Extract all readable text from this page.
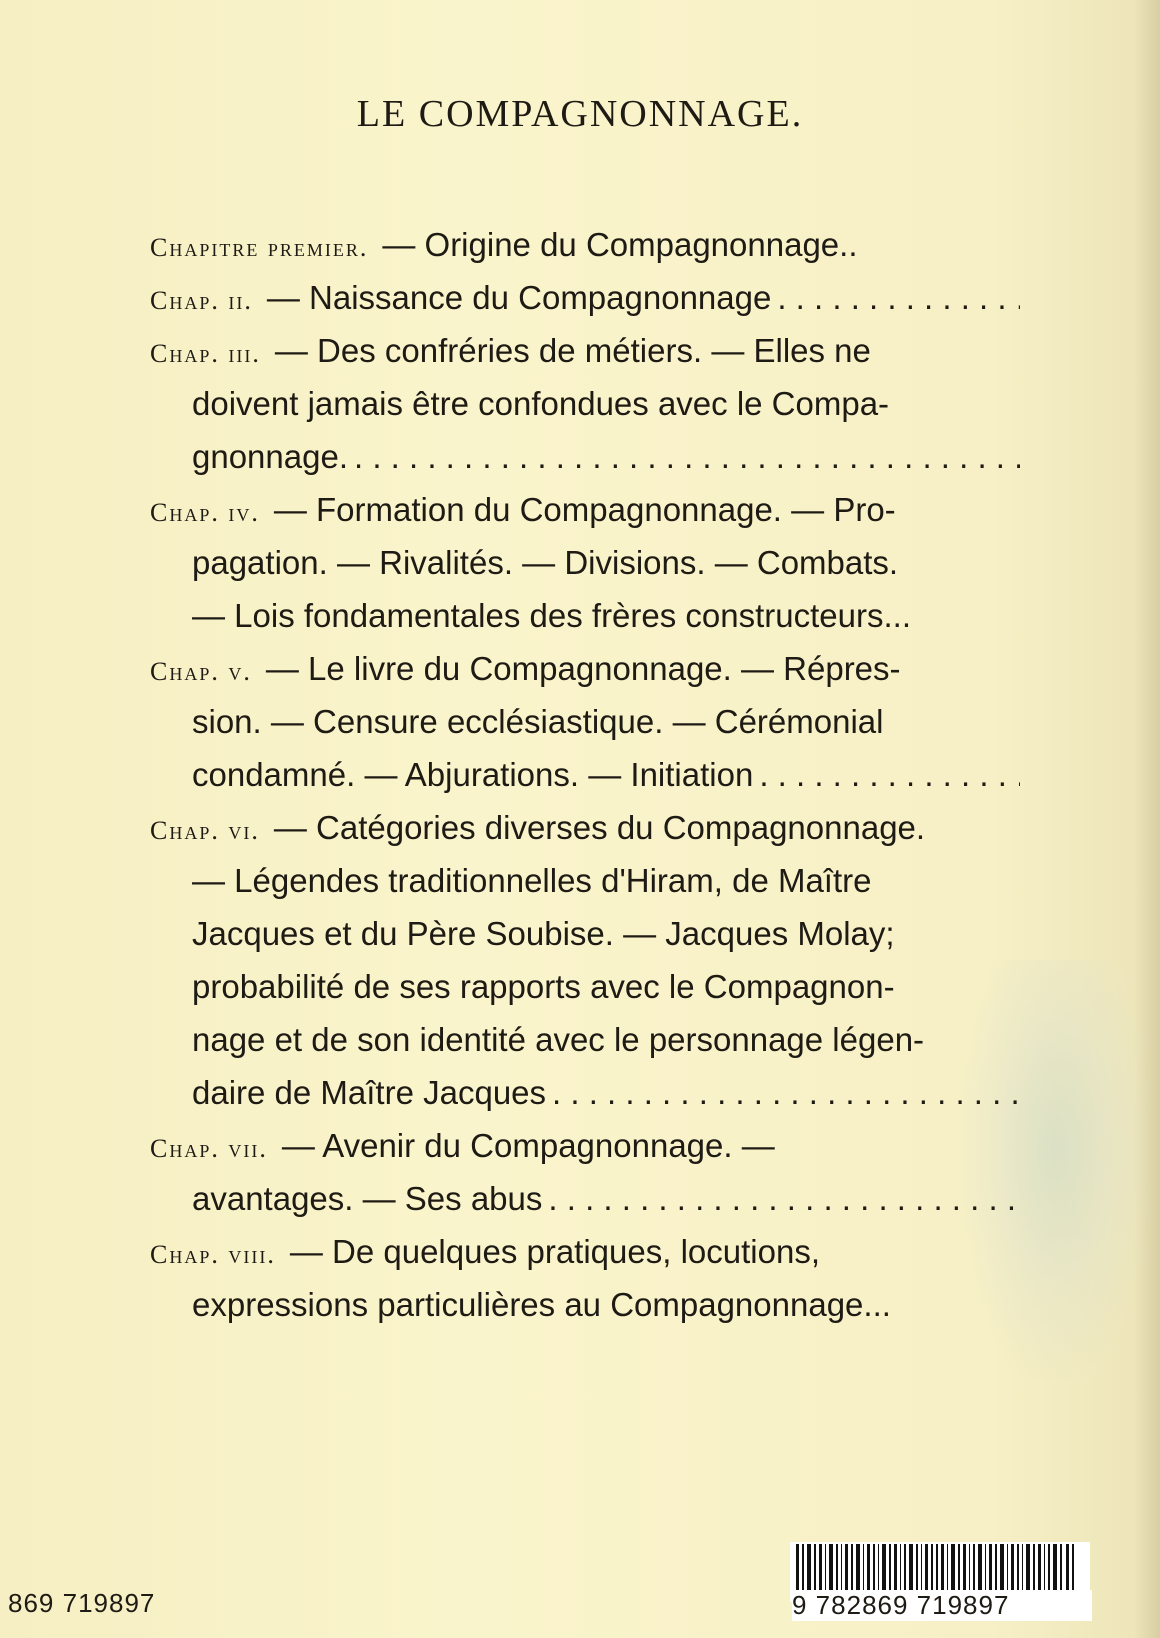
LE COMPAGNONNAGE.
Chapitre premier. — Origine du Compagnonnage..
Chap. ii. — Naissance du Compagnonnage
. . .
Chap. iii. — Des confréries de métiers. — Elles ne
doivent jamais être confondues avec le Compa-
gnonnage.
. . .
Chap. iv. — Formation du Compagnonnage. — Pro-
pagation. — Rivalités. — Divisions. — Combats.
— Lois fondamentales des frères constructeurs...
Chap. v. — Le livre du Compagnonnage. — Répres-
sion. — Censure ecclésiastique. — Cérémonial
condamné. — Abjurations. — Initiation
. . .
Chap. vi. — Catégories diverses du Compagnonnage.
— Légendes traditionnelles d'Hiram, de Maître
Jacques et du Père Soubise. — Jacques Molay;
probabilité de ses rapports avec le Compagnon-
nage et de son identité avec le personnage légen-
daire de Maître Jacques
. . .
Chap. vii. — Avenir du Compagnonnage. —
avantages. — Ses abus
. . .
Chap. viii. — De quelques pratiques, locutions,
expressions particulières au Compagnonnage...
869 719897	9 782869 719897
